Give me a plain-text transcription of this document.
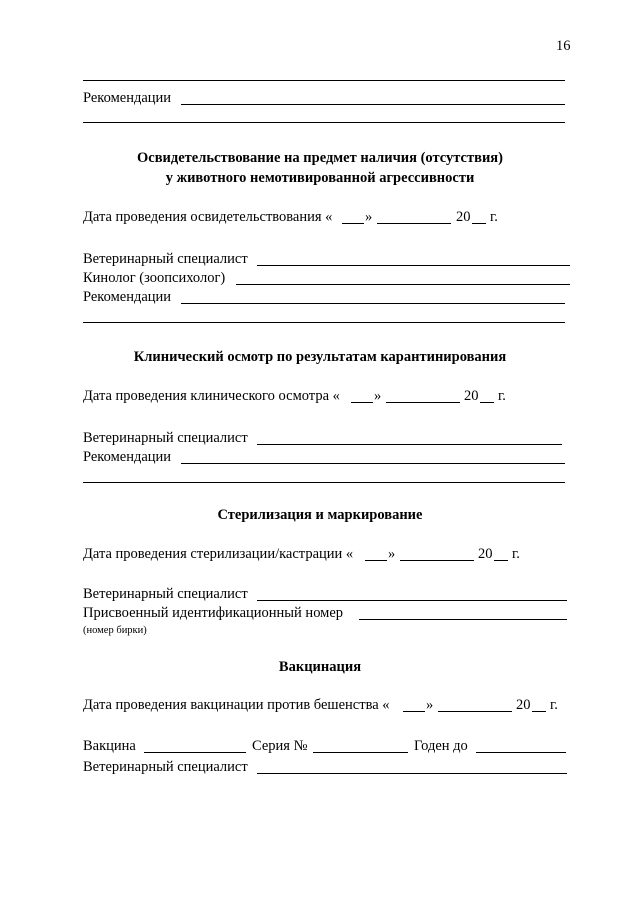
16
Рекомендации
Освидетельствование на предмет наличия (отсутствия)
у животного немотивированной агрессивности
Дата проведения освидетельствования « »	20 г.
Ветеринарный специалист
Кинолог (зоопсихолог)
Рекомендации
Клинический осмотр по результатам карантинирования
Дата проведения клинического осмотра « »	20 г.
Ветеринарный специалист
Рекомендации
Стерилизация и маркирование
Дата проведения стерилизации/кастрации « »	20 г.
Ветеринарный специалист
Присвоенный идентификационный номер
(номер бирки)
Вакцинация
Дата проведения вакцинации против бешенства «	»	20 г.
Вакцина	Серия №	Годен до
Ветеринарный специалист
